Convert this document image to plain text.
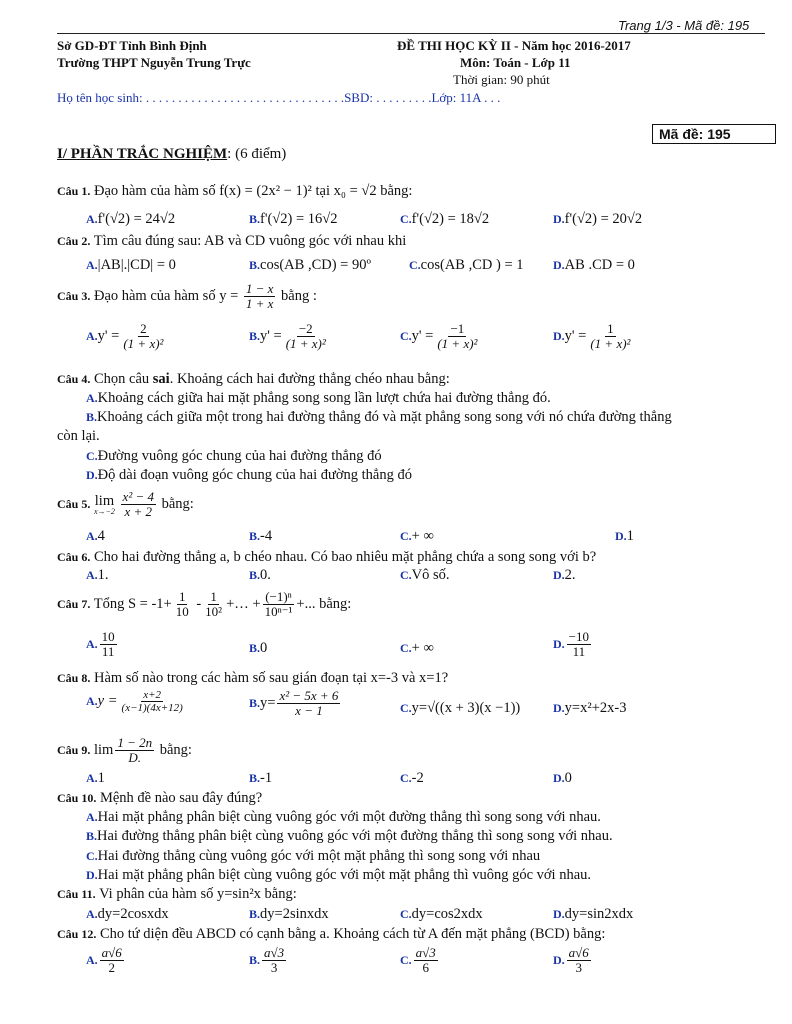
Trang 1/3 - Mã đề: 195
Sở GD-ĐT Tỉnh Bình Định
Trường THPT Nguyễn Trung Trực
ĐỀ THI HỌC KỲ II - Năm học 2016-2017
Môn: Toán - Lớp 11
Thời gian: 90 phút
Họ tên học sinh: . . . . . . . . . . . . . . . . . . . . . . . . . . . . . . .SBD: . . . . . . . . .Lớp: 11A . . .
Mã đề: 195
I/ PHẦN TRẮC NGHIỆM: (6 điểm)
Câu 1. Đạo hàm của hàm số f(x) = (2x² − 1)² tại x₀ = √2 bằng:
A.f'(√2) = 24√2	B.f'(√2) = 16√2	C.f'(√2) = 18√2	D.f'(√2) = 20√2
Câu 2. Tìm câu đúng sau: AB và CD vuông góc với nhau khi
A.|AB|.|CD| = 0	B.cos(AB ,CD) = 90º	C.cos(AB ,CD ) = 1 D.AB .CD = 0
Câu 3. Đạo hàm của hàm số $y = \frac{1 - x}{1 + x}$ bằng :
$A.y' = \frac{2}{\text{(1 + x)²}}$	$B.y' = \frac{-2}{\text{(1 + x)²}}$	$C.y' = \frac{-1}{\text{(1 + x)²}}$	$D.y' = \frac{1}{\text{(1 + x)²}}$
Câu 4. Chọn câu sai. Khoảng cách hai đường thẳng chéo nhau bằng:
A.Khoảng cách giữa hai mặt phẳng song song lần lượt chứa hai đường thẳng đó.
B.Khoảng cách giữa một trong hai đường thẳng đó và mặt phẳng song song với nó chứa đường thẳng
còn lại.
C.Đường vuông góc chung của hai đường thẳng đó
D.Độ dài đoạn vuông góc chung của hai đường thẳng đó
Câu 5. lim
x→−2
$\frac{\text{x² − 4}}{x + 2}$ bằng:
A.4	B.-4	C.+ ∞	D.1
Câu 6. Cho hai đường thẳng a, b chéo nhau. Có bao nhiêu mặt phẳng chứa a song song với b?
A.1.	B.0.	C.Vô số.	D.2.
Câu 7. Tổng $S = -1+ \frac{1}{10} - \frac{1}{\text{10²}}$ +… + $\frac{\text{(−1)ⁿ}}{\text{10ⁿ⁻¹}}$ +... bằng:
A. $\frac{10}{11}$	B.0	C.+ ∞	D. $\frac{-10}{11}$
Câu 8. Hàm số nào trong các hàm số sau gián đoạn tại x=-3 và x=1?
$A.y = \frac{x+2}{(x-1)(4x+12)}$	$B.y= \frac{\text{x² − 5x + 6}}{x - 1}$	C.y=√((x + 3)(x −1))	D.y=x²+2x-3
Câu 9. $\lim \frac{1 - 2n}{D.}$ bằng:
A.1	B.-1	C.-2	D.0
Câu 10. Mệnh đề nào sau đây đúng?
A.Hai mặt phẳng phân biệt cùng vuông góc với một đường thẳng thì song song với nhau.
B.Hai đường thẳng phân biệt cùng vuông góc với một đường thẳng thì song song với nhau.
C.Hai đường thẳng cùng vuông góc với một mặt phẳng thì song song với nhau
D.Hai mặt phẳng phân biệt cùng vuông góc với một mặt phẳng thì vuông góc với nhau.
Câu 11. Vi phân của hàm số y=sin²x bằng:
A.dy=2cosxdx	B.dy=2sinxdx	C.dy=cos2xdx	D.dy=sin2xdx
Câu 12. Cho tứ diện đều ABCD có cạnh bằng a. Khoảng cách từ A đến mặt phẳng (BCD) bằng:
A. $\frac{a√6}{2}$	B. $\frac{a√3}{3}$	C. $\frac{a√3}{6}$	D. $\frac{a√6}{3}$
